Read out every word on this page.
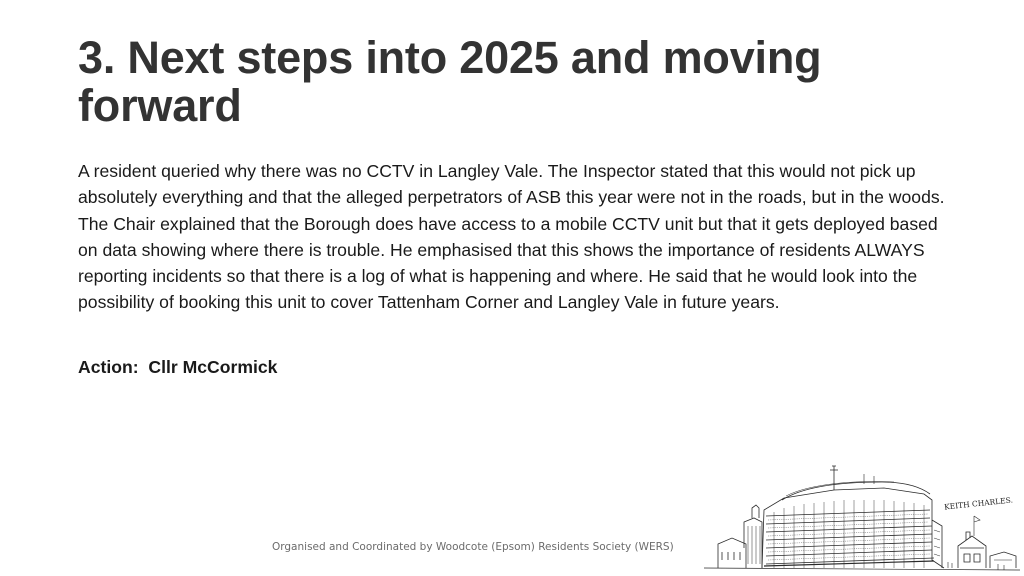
3. Next steps into 2025 and moving forward

A resident queried why there was no CCTV in Langley Vale. The Inspector stated that this would not pick up absolutely everything and that the alleged perpetrators of ASB this year were not in the roads, but in the woods.   The Chair explained that the Borough does have access to a mobile CCTV unit but that it gets deployed based on data showing where there is trouble. He emphasised that this shows the importance of residents ALWAYS reporting incidents so that there is a log of what is happening and where. He said that he would look into the possibility of booking this unit to cover Tattenham Corner and Langley Vale in future years.

Action:  Cllr McCormick

Organised and Coordinated by Woodcote (Epsom) Residents Society (WERS)

KEITH CHARLES.
